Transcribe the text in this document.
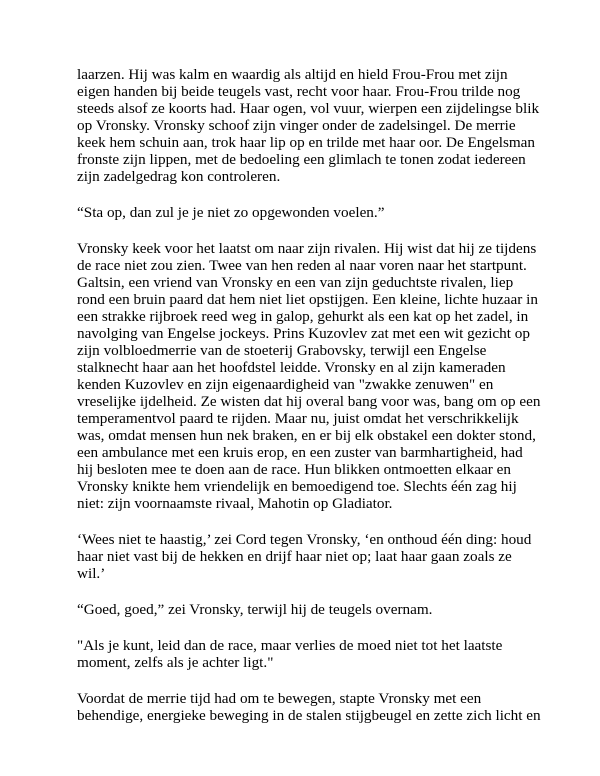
laarzen. Hij was kalm en waardig als altijd en hield Frou-Frou met zijn
eigen handen bij beide teugels vast, recht voor haar. Frou-Frou trilde nog
steeds alsof ze koorts had. Haar ogen, vol vuur, wierpen een zijdelingse blik
op Vronsky. Vronsky schoof zijn vinger onder de zadelsingel. De merrie
keek hem schuin aan, trok haar lip op en trilde met haar oor. De Engelsman
fronste zijn lippen, met de bedoeling een glimlach te tonen zodat iedereen
zijn zadelgedrag kon controleren.

“Sta op, dan zul je je niet zo opgewonden voelen.”

Vronsky keek voor het laatst om naar zijn rivalen. Hij wist dat hij ze tijdens
de race niet zou zien. Twee van hen reden al naar voren naar het startpunt.
Galtsin, een vriend van Vronsky en een van zijn geduchtste rivalen, liep
rond een bruin paard dat hem niet liet opstijgen. Een kleine, lichte huzaar in
een strakke rijbroek reed weg in galop, gehurkt als een kat op het zadel, in
navolging van Engelse jockeys. Prins Kuzovlev zat met een wit gezicht op
zijn volbloedmerrie van de stoeterij Grabovsky, terwijl een Engelse
stalknecht haar aan het hoofdstel leidde. Vronsky en al zijn kameraden
kenden Kuzovlev en zijn eigenaardigheid van "zwakke zenuwen" en
vreselijke ijdelheid. Ze wisten dat hij overal bang voor was, bang om op een
temperamentvol paard te rijden. Maar nu, juist omdat het verschrikkelijk
was, omdat mensen hun nek braken, en er bij elk obstakel een dokter stond,
een ambulance met een kruis erop, en een zuster van barmhartigheid, had
hij besloten mee te doen aan de race. Hun blikken ontmoetten elkaar en
Vronsky knikte hem vriendelijk en bemoedigend toe. Slechts één zag hij
niet: zijn voornaamste rivaal, Mahotin op Gladiator.

‘Wees niet te haastig,’ zei Cord tegen Vronsky, ‘en onthoud één ding: houd
haar niet vast bij de hekken en drijf haar niet op; laat haar gaan zoals ze
wil.’

“Goed, goed,” zei Vronsky, terwijl hij de teugels overnam.

"Als je kunt, leid dan de race, maar verlies de moed niet tot het laatste
moment, zelfs als je achter ligt."

Voordat de merrie tijd had om te bewegen, stapte Vronsky met een
behendige, energieke beweging in de stalen stijgbeugel en zette zich licht en
